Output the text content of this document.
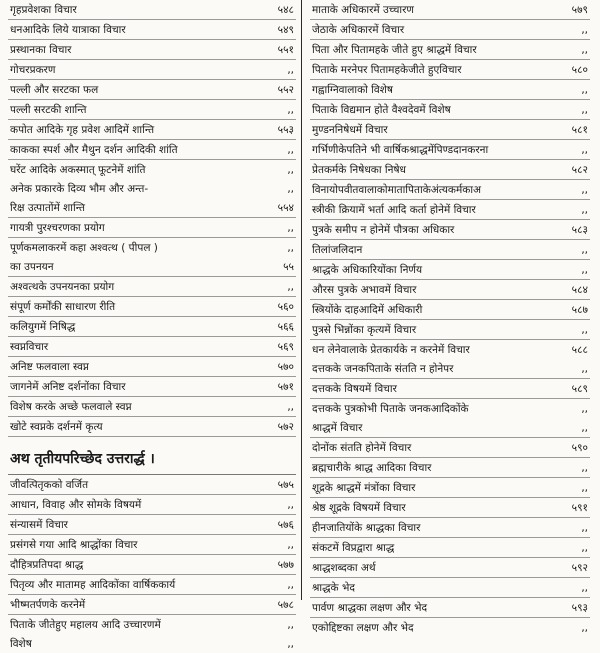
गृहप्रवेशका विचार	५४८
धनआदिके लिये यात्राका विचार	५४९
प्रस्थानका विचार	५५१
गोचरप्रकरण	,,
पल्ली और सरटका फल	५५२
पल्ली सरटकी शान्ति	,,
कपोत आदिके गृह प्रवेश आदिमें शान्ति	५५३
काकका स्पर्श और मैथुन दर्शन आदिकी शांति	,,
घरेंट आदिके अकस्मात् फूटनेमें शांति	,,
अनेक प्रकारके दिव्य भौम और अन्त-	,,
रिक्ष उत्पातोंमें शान्ति	५५४
गायत्री पुरश्चरणका प्रयोग	,,
पूर्णकमलाकरमें कहा अश्वत्थ ( पीपल )	,,
का उपनयन	५५
अश्वत्थके उपनयनका प्रयोग	,,
संपूर्ण कर्मोंकी साधारण रीति	५६०
कलियुगमें निषिद्ध	५६६
स्वप्नविचार	५६९
अनिष्ट फलवाला स्वप्न	५७०
जागनेमें अनिष्ट दर्शनोंका विचार	५७१
विशेष करके अच्छे फलवाले स्वप्न	,,
खोटे स्वप्नके दर्शनमें कृत्य	५७२
अथ तृतीयपरिच्छेद उत्तरार्द्ध ।
जीवत्पितृकको वर्जित	५७५
आधान, विवाह और सोमके विषयमें	,,
संन्यासमें विचार	५७६
प्रसंगसे गया आदि श्राद्धोंका विचार	,,
दौहित्रप्रतिपदा श्राद्ध	५७७
पितृव्य और मातामह आदिकोंका वार्षिककार्य	,,
भीष्मतर्पणके करनेमें	५७८
पिताके जीतेहुए महालय आदि उच्चारणमें	,,
विशेष	,,
माताके अधिकारमें उच्चारण	५७९
जेठाके अधिकारमें विचार	,,
पिता और पितामहके जीते हुए श्राद्धमें विचार	,,
पिताके मरनेपर पितामहकेजीते हुएविचार	५८०
गह्वाग्निवालाको विशेष	,,
पिताके विद्यमान होते वैश्वदेवमें विशेष	,,
मुण्डननिषेधमें विचार	५८१
गर्भिणीकेपतिने भी वार्षिकश्राद्धमेंपिण्डदानकरना	,,
प्रेतकर्मके निषेधका निषेध	५८२
विनायोपवीतवालाकोमातापिताकेअंत्यकर्मकाअ	,,
स्त्रीकी क्रियामें भर्ता आदि कर्ता होनेमें विचार	,,
पुत्रके समीप न होनेमें पौत्रका अधिकार	५८३
तिलांजलिदान	,,
श्राद्धके अधिकारियोंका निर्णय	,,
औरस पुत्रके अभावमें विचार	५८४
स्त्रियोंके दाहआदिमें अधिकारी	५८७
पुत्रसे भिन्नोंका कृत्यमें विचार	,,
धन लेनेवालाके प्रेतकार्यके न करनेमें विचार	५८८
दत्तकके जनकपिताके संतति न होनेपर	,,
दत्तकके विषयमें विचार	५८९
दत्तकके पुत्रकोभी पिताके जनकआदिकोंके	,,
श्राद्धमें विचार	,,
दोनोंक संतति होनेमें विचार	५९०
ब्रह्मचारीके श्राद्ध आदिका विचार	,,
शूद्रके श्राद्धमें मंत्रोंका विचार	,,
श्रेष्ठ शूद्रके विषयमें विचार	५९१
हीनजातियोंके श्राद्धका विचार	,,
संकटमें विप्रद्वारा श्राद्ध	,,
श्राद्धशब्दका अर्थ	५९२
श्राद्धके भेद	,,
पार्वण श्राद्धका लक्षण और भेद	५९३
एकोद्दिष्टका लक्षण और भेद	,,
